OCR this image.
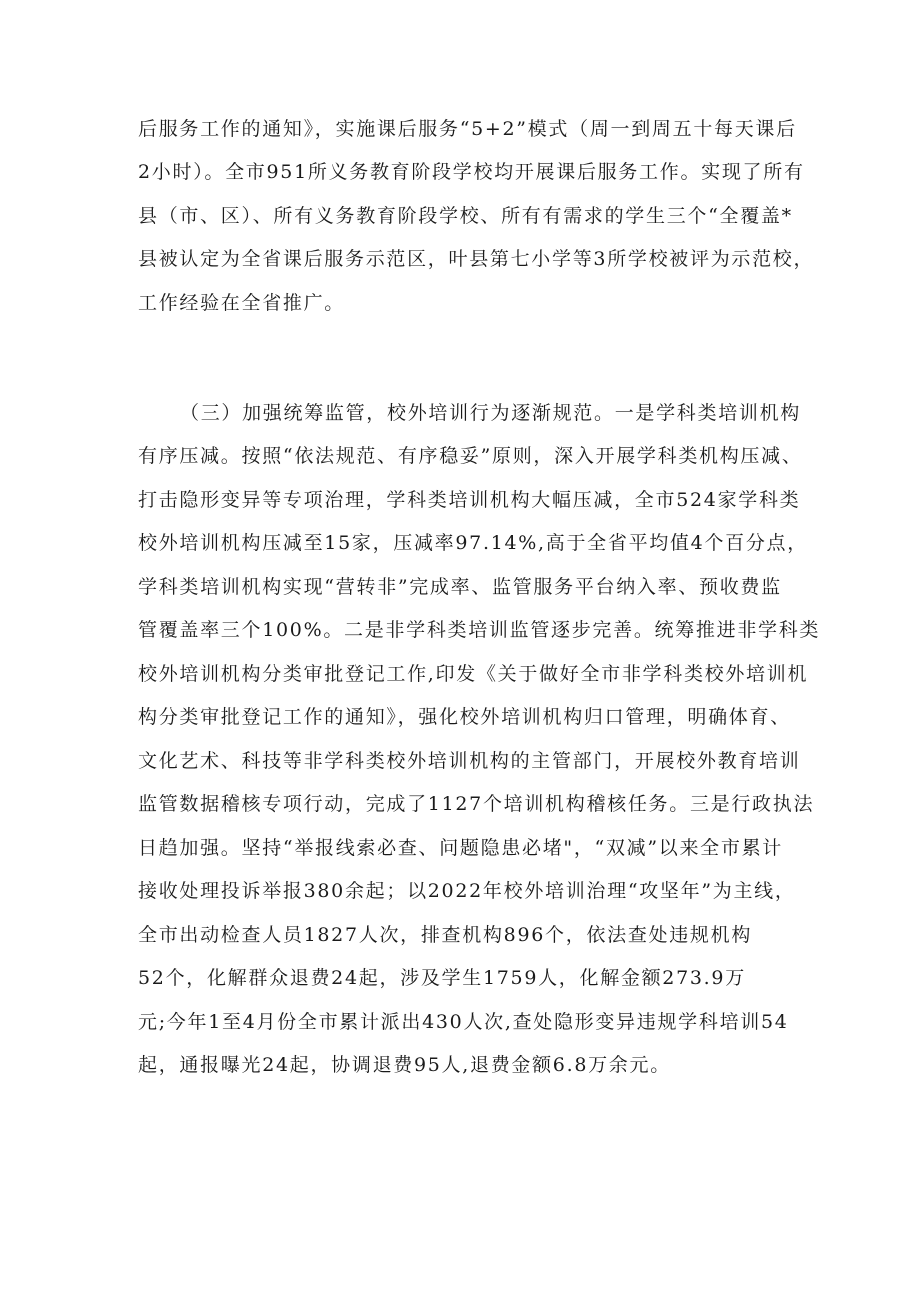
后服务工作的通知》，实施课后服务“5+2”模式（周一到周五十每天课后
2小时）。全市951所义务教育阶段学校均开展课后服务工作。实现了所有
县（市、区）、所有义务教育阶段学校、所有有需求的学生三个“全覆盖*
县被认定为全省课后服务示范区，叶县第七小学等3所学校被评为示范校，
工作经验在全省推广。
（三）加强统筹监管，校外培训行为逐渐规范。一是学科类培训机构
有序压减。按照“依法规范、有序稳妥”原则，深入开展学科类机构压减、
打击隐形变异等专项治理，学科类培训机构大幅压减，全市524家学科类
校外培训机构压减至15家，压减率97.14%,高于全省平均值4个百分点，
学科类培训机构实现“营转非”完成率、监管服务平台纳入率、预收费监
管覆盖率三个100%。二是非学科类培训监管逐步完善。统筹推进非学科类
校外培训机构分类审批登记工作,印发《关于做好全市非学科类校外培训机
构分类审批登记工作的通知》，强化校外培训机构归口管理，明确体育、
文化艺术、科技等非学科类校外培训机构的主管部门，开展校外教育培训
监管数据稽核专项行动，完成了1127个培训机构稽核任务。三是行政执法
日趋加强。坚持“举报线索必查、问题隐患必堵"，“双减”以来全市累计
接收处理投诉举报380余起；以2022年校外培训治理“攻坚年”为主线，
全市出动检查人员1827人次，排查机构896个，依法查处违规机构
52个，化解群众退费24起，涉及学生1759人，化解金额273.9万
元;今年1至4月份全市累计派出430人次,查处隐形变异违规学科培训54
起，通报曝光24起，协调退费95人,退费金额6.8万余元。
